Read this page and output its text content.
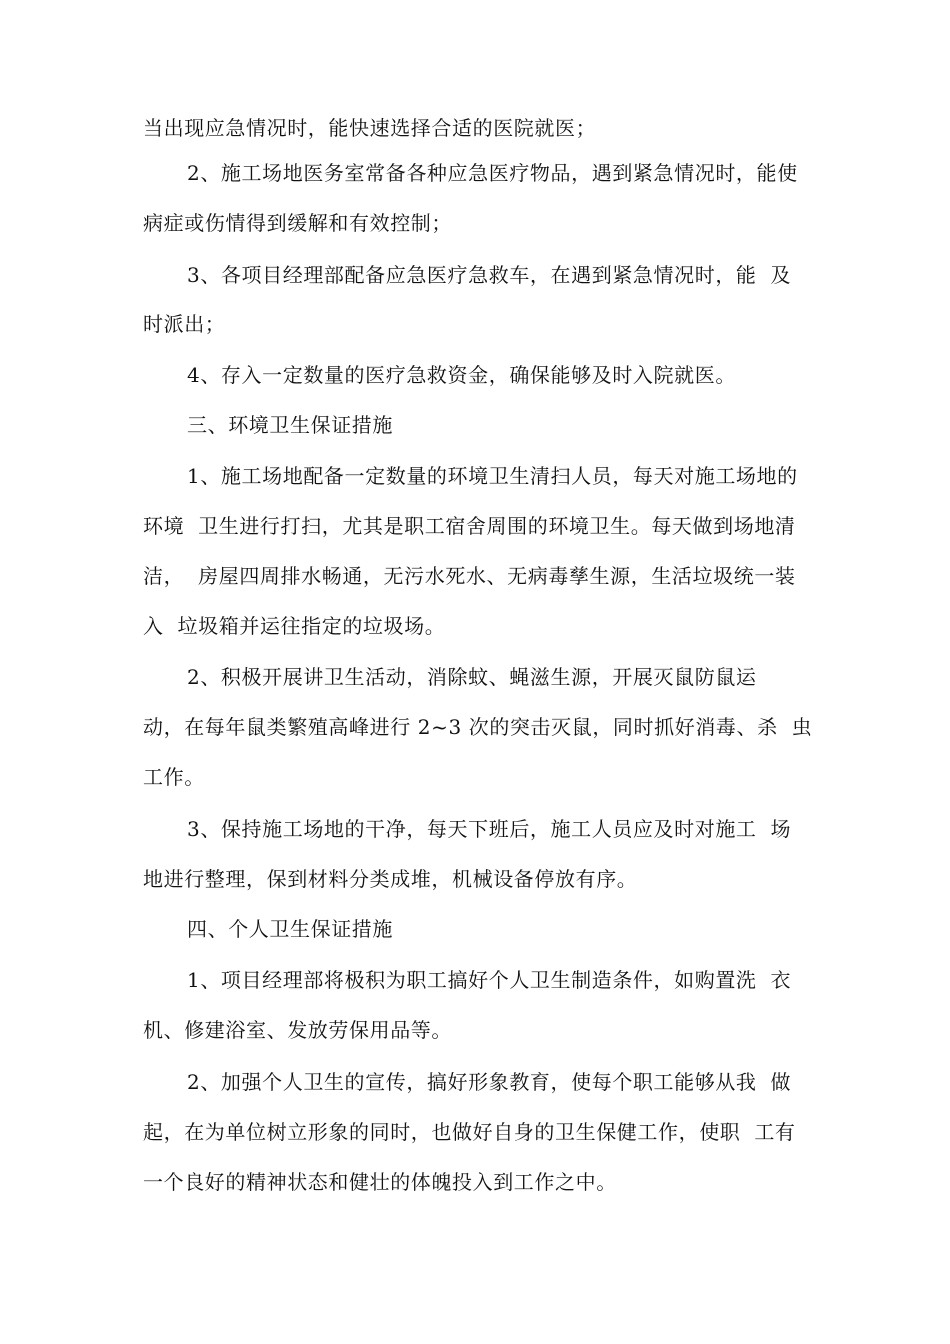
当出现应急情况时，能快速选择合适的医院就医；
2、施工场地医务室常备各种应急医疗物品，遇到紧急情况时，能使
病症或伤情得到缓解和有效控制；
3、各项目经理部配备应急医疗急救车，在遇到紧急情况时，能  及
时派出；
4、存入一定数量的医疗急救资金，确保能够及时入院就医。
三、环境卫生保证措施
1、施工场地配备一定数量的环境卫生清扫人员，每天对施工场地的
环境  卫生进行打扫，尤其是职工宿舍周围的环境卫生。每天做到场地清
洁，  房屋四周排水畅通，无污水死水、无病毒孳生源，生活垃圾统一装
入  垃圾箱并运往指定的垃圾场。
2、积极开展讲卫生活动，消除蚊、蝇滋生源，开展灭鼠防鼠运
动，在每年鼠类繁殖高峰进行 2~3 次的突击灭鼠，同时抓好消毒、杀  虫
工作。
3、保持施工场地的干净，每天下班后，施工人员应及时对施工  场
地进行整理，保到材料分类成堆，机械设备停放有序。
四、个人卫生保证措施
1、项目经理部将极积为职工搞好个人卫生制造条件，如购置洗  衣
机、修建浴室、发放劳保用品等。
2、加强个人卫生的宣传，搞好形象教育，使每个职工能够从我  做
起，在为单位树立形象的同时，也做好自身的卫生保健工作，使职  工有
一个良好的精神状态和健壮的体魄投入到工作之中。
